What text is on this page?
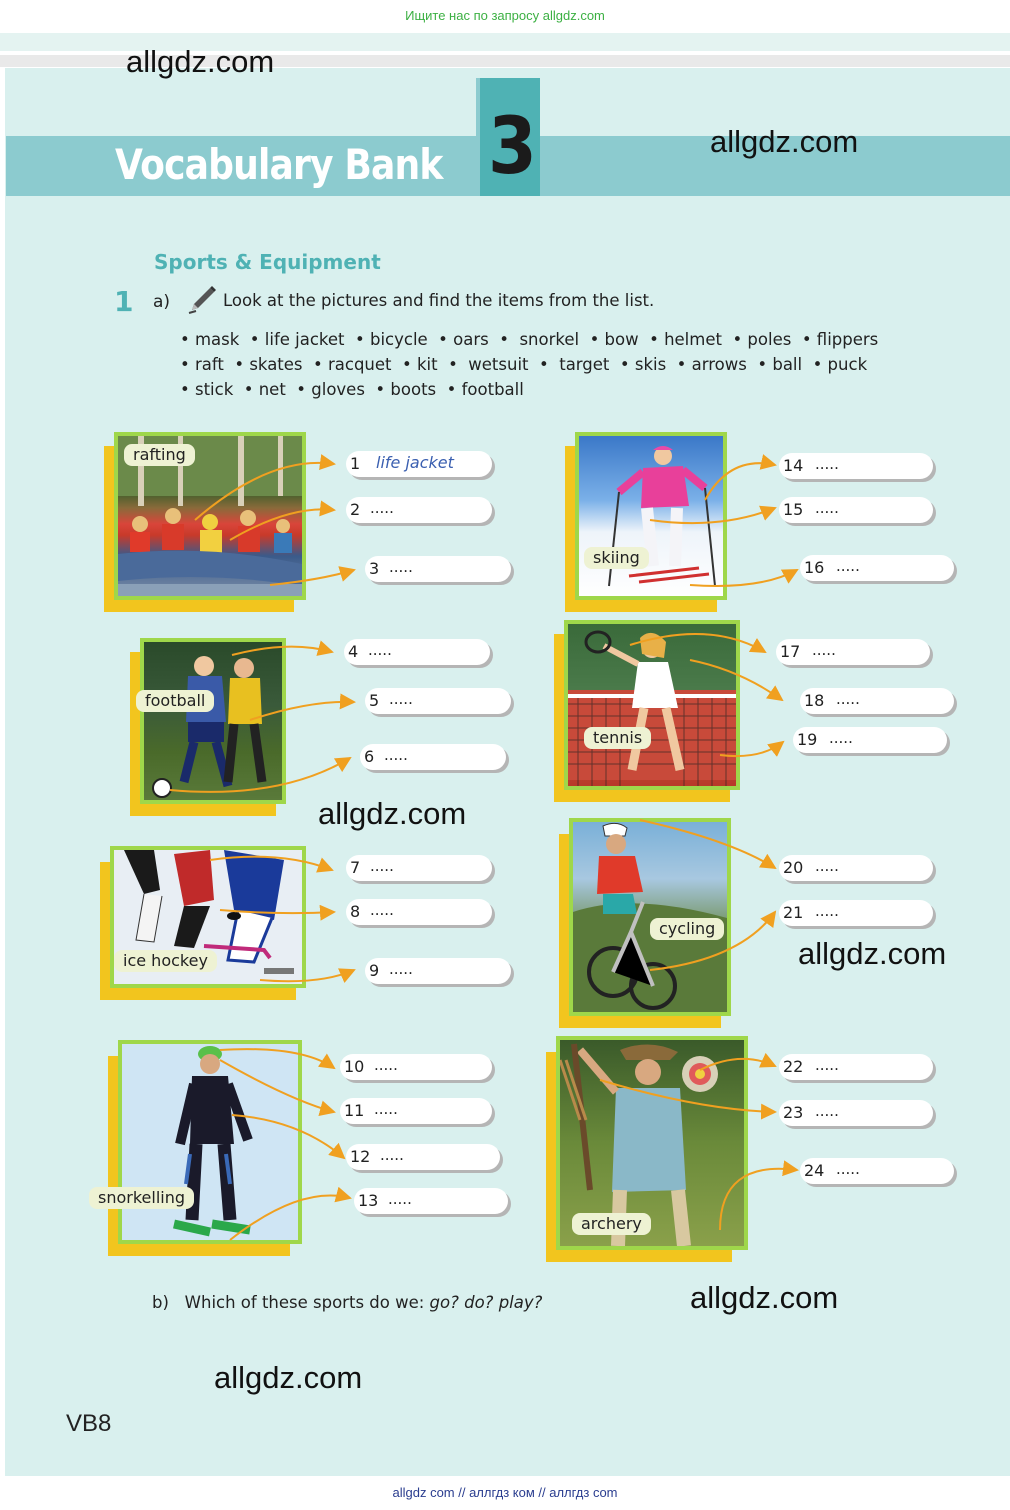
Ищите нас по запросу allgdz.com
Vocabulary Bank 3
allgdz.com
allgdz.com
Sports & Equipment
1 a)	Look at the pictures and find the items from the list.
• mask  • life jacket  • bicycle  • oars  •  snorkel  • bow  • helmet  • poles  • flippers
• raft  • skates  • racquet  • kit  •  wetsuit  •  target  • skis  • arrows  • ball  • puck
• stick  • net  • gloves  • boots  • football
rafting
skiing
football
tennis
ice hockey
cycling
snorkelling
archery
1 life jacket
2 .....
3 .....
14 .....
15 .....
16 .....
4 .....
5 .....
6 .....
17 .....
18 .....
19 .....
7 .....
8 .....
9 .....
20 .....
21 .....
10 .....
11 .....
12 .....
13 .....
22 .....
23 .....
24 .....
allgdz.com
allgdz.com
allgdz.com
allgdz.com
b) Which of these sports do we: go? do? play?
VB8
allgdz com // аллгдз ком // аллгдз com
